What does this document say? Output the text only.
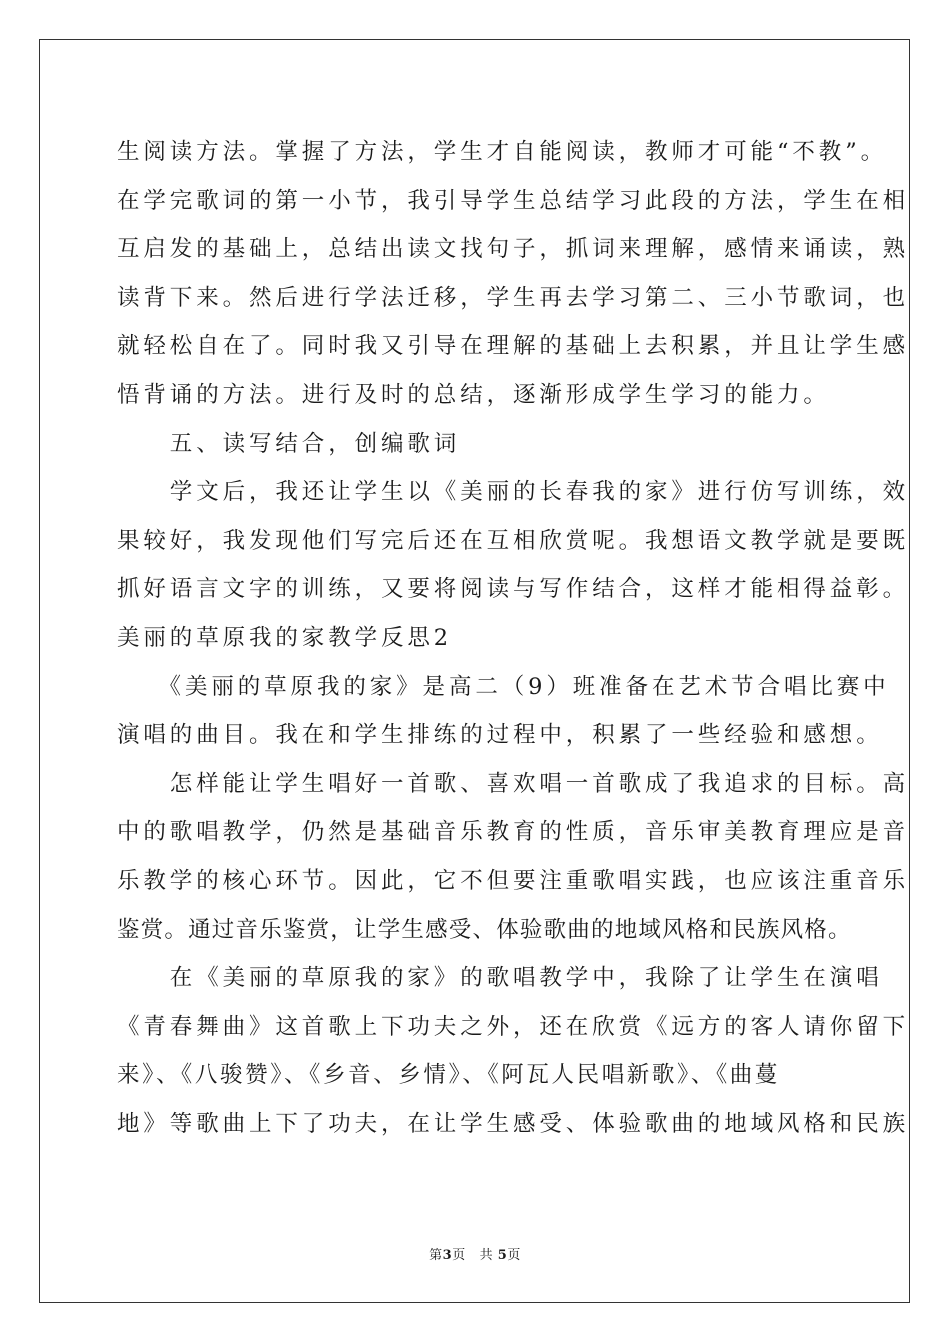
生阅读方法。掌握了方法，学生才自能阅读，教师才可能“不教”。
在学完歌词的第一小节，我引导学生总结学习此段的方法，学生在相
互启发的基础上，总结出读文找句子，抓词来理解，感情来诵读，熟
读背下来。然后进行学法迁移，学生再去学习第二、三小节歌词，也
就轻松自在了。同时我又引导在理解的基础上去积累，并且让学生感
悟背诵的方法。进行及时的总结，逐渐形成学生学习的能力。
　　五、读写结合，创编歌词
　　学文后，我还让学生以《美丽的长春我的家》进行仿写训练，效
果较好，我发现他们写完后还在互相欣赏呢。我想语文教学就是要既
抓好语言文字的训练，又要将阅读与写作结合，这样才能相得益彰。
美丽的草原我的家教学反思2
　　《美丽的草原我的家》是高二（9）班准备在艺术节合唱比赛中
演唱的曲目。我在和学生排练的过程中，积累了一些经验和感想。
　　怎样能让学生唱好一首歌、喜欢唱一首歌成了我追求的目标。高
中的歌唱教学，仍然是基础音乐教育的性质，音乐审美教育理应是音
乐教学的核心环节。因此，它不但要注重歌唱实践，也应该注重音乐
鉴赏。通过音乐鉴赏，让学生感受、体验歌曲的地域风格和民族风格。
　　在《美丽的草原我的家》的歌唱教学中，我除了让学生在演唱
《青春舞曲》这首歌上下功夫之外，还在欣赏《远方的客人请你留下
来》、《八骏赞》、《乡音、乡情》、《阿瓦人民唱新歌》、《曲蔓
地》等歌曲上下了功夫，在让学生感受、体验歌曲的地域风格和民族
第3页 共 5页
